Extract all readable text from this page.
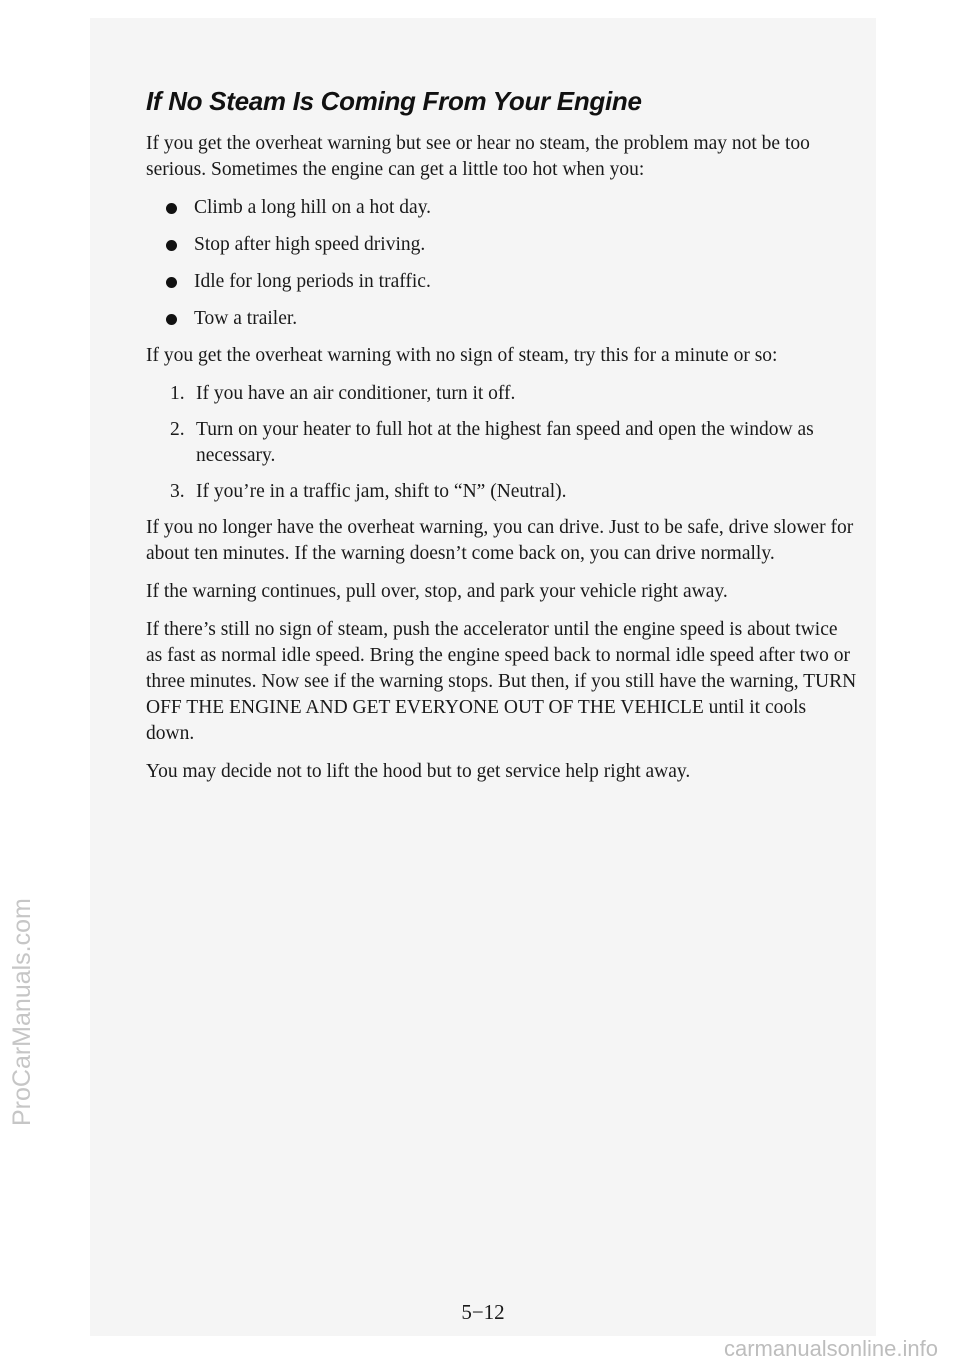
If No Steam Is Coming From Your Engine

If you get the overheat warning but see or hear no steam, the problem may not be too serious. Sometimes the engine can get a little too hot when you:

Climb a long hill on a hot day.
Stop after high speed driving.
Idle for long periods in traffic.
Tow a trailer.

If you get the overheat warning with no sign of steam, try this for a minute or so:

1. If you have an air conditioner, turn it off.
2. Turn on your heater to full hot at the highest fan speed and open the window as necessary.
3. If you’re in a traffic jam, shift to “N” (Neutral).

If you no longer have the overheat warning, you can drive. Just to be safe, drive slower for about ten minutes. If the warning doesn’t come back on, you can drive normally.

If the warning continues, pull over, stop, and park your vehicle right away.

If there’s still no sign of steam, push the accelerator until the engine speed is about twice as fast as normal idle speed. Bring the engine speed back to normal idle speed after two or three minutes. Now see if the warning stops. But then, if you still have the warning, TURN OFF THE ENGINE AND GET EVERYONE OUT OF THE VEHICLE until it cools down.

You may decide not to lift the hood but to get service help right away.

5−12
ProCarManuals.com
carmanualsonline.info
